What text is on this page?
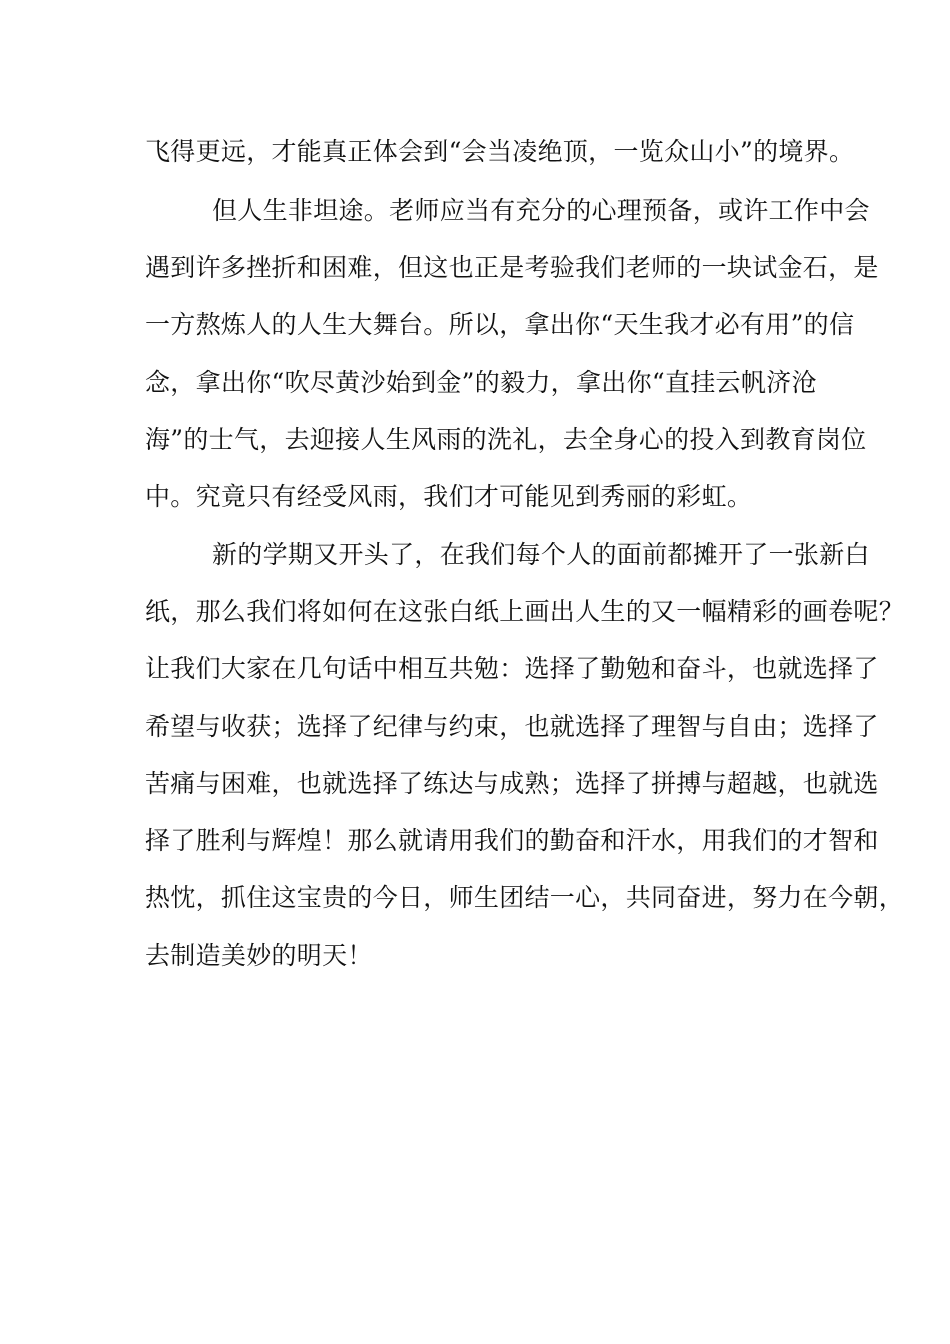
飞得更远，才能真正体会到“会当凌绝顶，一览众山小”的境界。
但人生非坦途。老师应当有充分的心理预备，或许工作中会
遇到许多挫折和困难，但这也正是考验我们老师的一块试金石，是
一方熬炼人的人生大舞台。所以，拿出你“天生我才必有用”的信
念，拿出你“吹尽黄沙始到金”的毅力，拿出你“直挂云帆济沧
海”的士气，去迎接人生风雨的洗礼，去全身心的投入到教育岗位
中。究竟只有经受风雨，我们才可能见到秀丽的彩虹。
新的学期又开头了，在我们每个人的面前都摊开了一张新白
纸，那么我们将如何在这张白纸上画出人生的又一幅精彩的画卷呢？
让我们大家在几句话中相互共勉：选择了勤勉和奋斗，也就选择了
希望与收获；选择了纪律与约束，也就选择了理智与自由；选择了
苦痛与困难，也就选择了练达与成熟；选择了拼搏与超越，也就选
择了胜利与辉煌！那么就请用我们的勤奋和汗水，用我们的才智和
热忱，抓住这宝贵的今日，师生团结一心，共同奋进，努力在今朝，
去制造美妙的明天！
